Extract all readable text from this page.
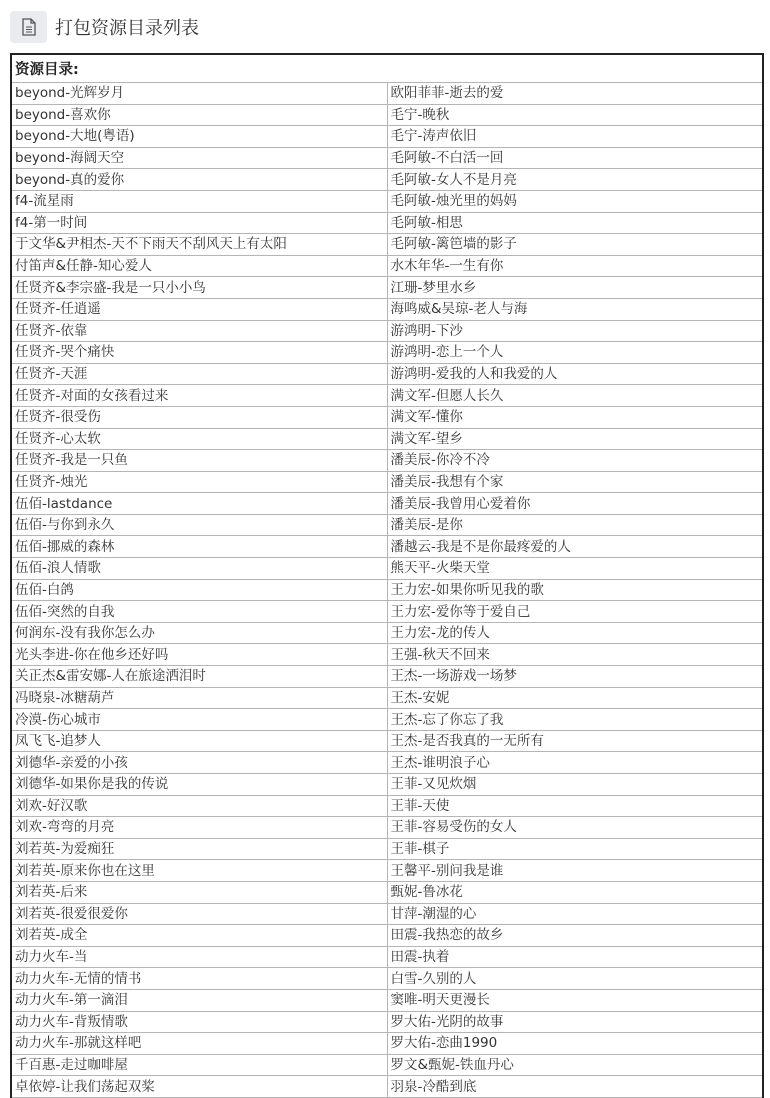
打包资源目录列表
资源目录:	
beyond-光辉岁月	欧阳菲菲-逝去的爱
beyond-喜欢你	毛宁-晚秋
beyond-大地(粤语)	毛宁-涛声依旧
beyond-海阔天空	毛阿敏-不白活一回
beyond-真的爱你	毛阿敏-女人不是月亮
f4-流星雨	毛阿敏-烛光里的妈妈
f4-第一时间	毛阿敏-相思
于文华&尹相杰-天不下雨天不刮风天上有太阳	毛阿敏-篱笆墙的影子
付笛声&任静-知心爱人	水木年华-一生有你
任贤齐&李宗盛-我是一只小小鸟	江珊-梦里水乡
任贤齐-任逍遥	海鸣威&吴琼-老人与海
任贤齐-依靠	游鸿明-下沙
任贤齐-哭个痛快	游鸿明-恋上一个人
任贤齐-天涯	游鸿明-爱我的人和我爱的人
任贤齐-对面的女孩看过来	满文军-但愿人长久
任贤齐-很受伤	满文军-懂你
任贤齐-心太软	满文军-望乡
任贤齐-我是一只鱼	潘美辰-你冷不冷
任贤齐-烛光	潘美辰-我想有个家
伍佰-lastdance	潘美辰-我曾用心爱着你
伍佰-与你到永久	潘美辰-是你
伍佰-挪威的森林	潘越云-我是不是你最疼爱的人
伍佰-浪人情歌	熊天平-火柴天堂
伍佰-白鸽	王力宏-如果你听见我的歌
伍佰-突然的自我	王力宏-爱你等于爱自己
何润东-没有我你怎么办	王力宏-龙的传人
光头李进-你在他乡还好吗	王强-秋天不回来
关正杰&雷安娜-人在旅途洒泪时	王杰-一场游戏一场梦
冯晓泉-冰糖葫芦	王杰-安妮
冷漠-伤心城市	王杰-忘了你忘了我
凤飞飞-追梦人	王杰-是否我真的一无所有
刘德华-亲爱的小孩	王杰-谁明浪子心
刘德华-如果你是我的传说	王菲-又见炊烟
刘欢-好汉歌	王菲-天使
刘欢-弯弯的月亮	王菲-容易受伤的女人
刘若英-为爱痴狂	王菲-棋子
刘若英-原来你也在这里	王馨平-别问我是谁
刘若英-后来	甄妮-鲁冰花
刘若英-很爱很爱你	甘萍-潮湿的心
刘若英-成全	田震-我热恋的故乡
动力火车-当	田震-执着
动力火车-无情的情书	白雪-久别的人
动力火车-第一滴泪	窦唯-明天更漫长
动力火车-背叛情歌	罗大佑-光阴的故事
动力火车-那就这样吧	罗大佑-恋曲1990
千百惠-走过咖啡屋	罗文&甄妮-铁血丹心
卓依婷-让我们荡起双桨	羽泉-冷酷到底
